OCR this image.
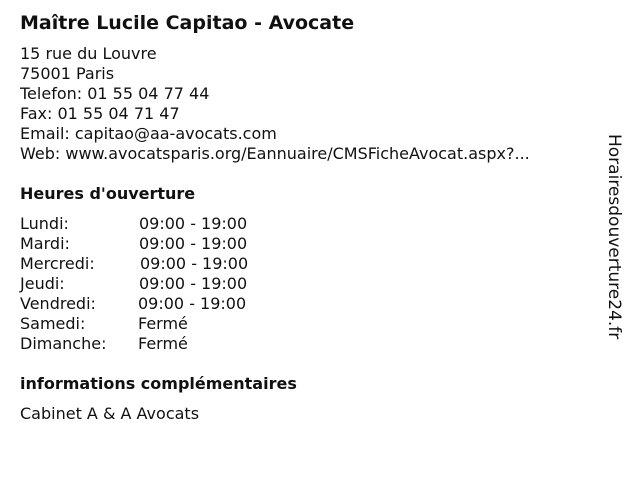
Maître Lucile Capitao - Avocate
15 rue du Louvre
75001 Paris
Telefon: 01 55 04 77 44
Fax: 01 55 04 71 47
Email: capitao@aa-avocats.com
Web: www.avocatsparis.org/Eannuaire/CMSFicheAvocat.aspx?...
Heures d'ouverture
Lundi:	09:00 - 19:00
Mardi:	09:00 - 19:00
Mercredi:	09:00 - 19:00
Jeudi:	09:00 - 19:00
Vendredi:	09:00 - 19:00
Samedi:	Fermé
Dimanche: Fermé
informations complémentaires
Cabinet A & A Avocats
Horairesdouverture24.fr
